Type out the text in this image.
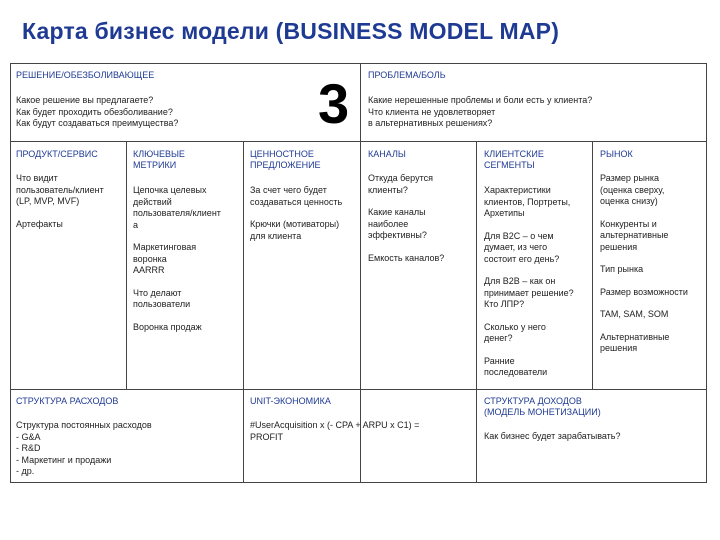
Карта бизнес модели (BUSINESS MODEL MAP)
3
РЕШЕНИЕ/ОБЕЗБОЛИВАЮЩЕЕ
Какое решение вы предлагаете?
Как будет проходить обезболивание?
Как будут создаваться преимущества?
ПРОБЛЕМА/БОЛЬ
Какие нерешенные проблемы и боли есть у клиента?
Что клиента не удовлетворяет
в альтернативных решениях?
ПРОДУКТ/СЕРВИС
Что видит
пользователь/клиент
(LP, MVP, MVF)
Артефакты
КЛЮЧЕВЫЕ
МЕТРИКИ
Цепочка целевых
действий
пользователя/клиент
а
Маркетинговая
воронка
AARRR
Что делают
пользователи
Воронка продаж
ЦЕННОСТНОЕ
ПРЕДЛОЖЕНИЕ
За счет чего будет
создаваться ценность
Крючки (мотиваторы)
для клиента
КАНАЛЫ
Откуда берутся
клиенты?
Какие каналы
наиболее
эффективны?
Емкость каналов?
КЛИЕНТСКИЕ
СЕГМЕНТЫ
Характеристики
клиентов, Портреты,
Архетипы
Для B2C – о чем
думает, из чего
состоит его день?
Для B2B – как он
принимает решение?
Кто ЛПР?
Сколько у него
денег?
Ранние
последователи
РЫНОК
Размер рынка
(оценка сверху,
оценка снизу)
Конкуренты и
альтернативные
решения
Тип рынка
Размер возможности
TAM, SAM, SOM
Альтернативные
решения
СТРУКТУРА РАСХОДОВ
Структура постоянных расходов
- G&A
- R&D
- Маркетинг и продажи
- др.
UNIT-ЭКОНОМИКА
#UserAcquisition x (- CPA + ARPU x C1) =
PROFIT
СТРУКТУРА ДОХОДОВ
(МОДЕЛЬ МОНЕТИЗАЦИИ)
Как бизнес будет зарабатывать?
